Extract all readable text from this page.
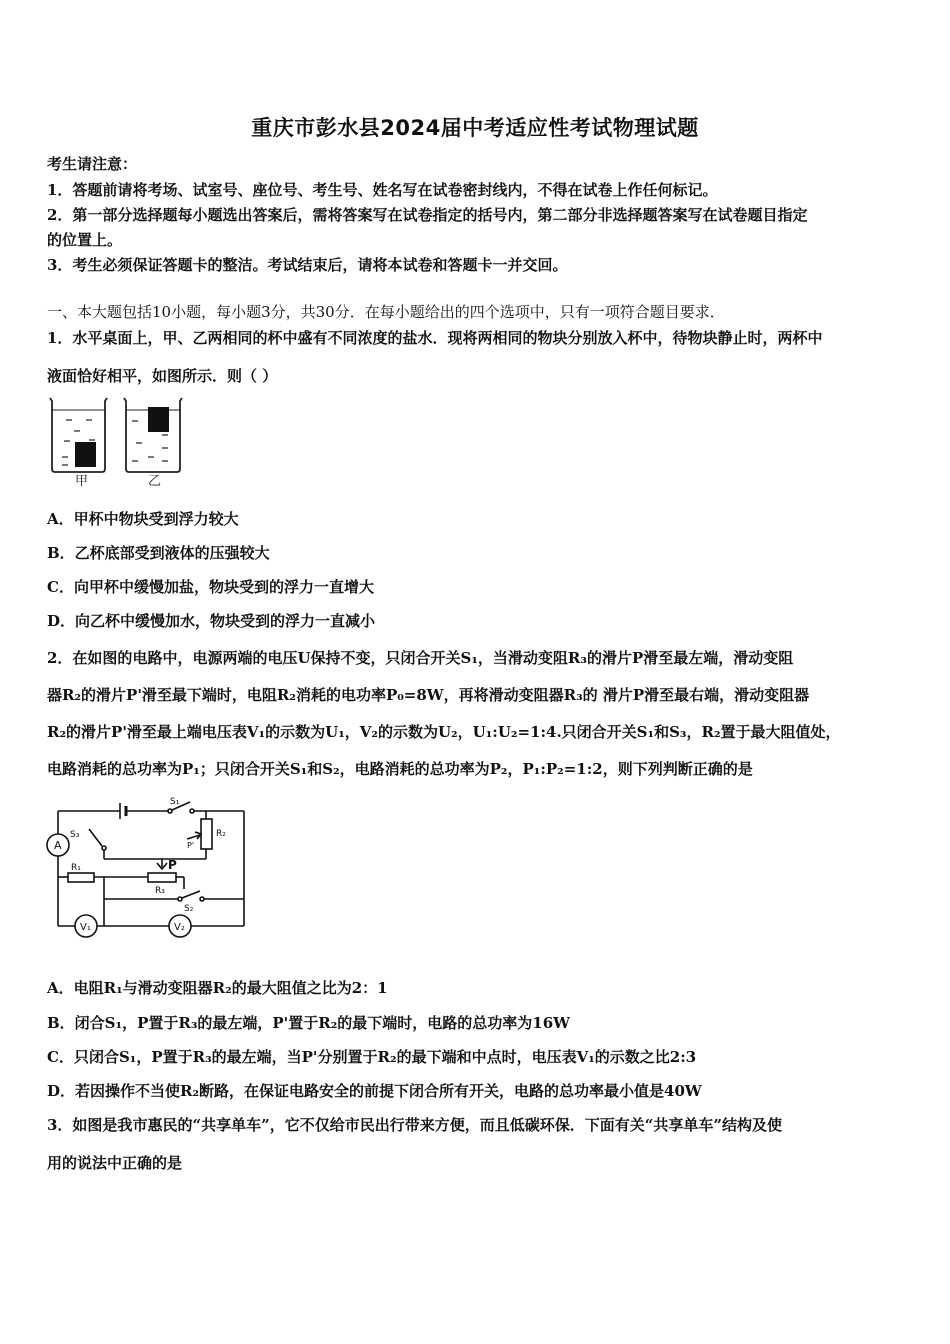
重庆市彭水县2024届中考适应性考试物理试题
考生请注意：
1．答题前请将考场、试室号、座位号、考生号、姓名写在试卷密封线内，不得在试卷上作任何标记。
2．第一部分选择题每小题选出答案后，需将答案写在试卷指定的括号内，第二部分非选择题答案写在试卷题目指定
的位置上。
3．考生必须保证答题卡的整洁。考试结束后，请将本试卷和答题卡一并交回。
一、本大题包括10小题，每小题3分，共30分．在每小题给出的四个选项中，只有一项符合题目要求．
1．水平桌面上，甲、乙两相同的杯中盛有不同浓度的盐水．现将两相同的物块分别放入杯中，待物块静止时，两杯中
液面恰好相平，如图所示．则（ ）
甲	乙
A．甲杯中物块受到浮力较大
B．乙杯底部受到液体的压强较大
C．向甲杯中缓慢加盐，物块受到的浮力一直增大
D．向乙杯中缓慢加水，物块受到的浮力一直减小
2．在如图的电路中，电源两端的电压U保持不变，只闭合开关S₁，当滑动变阻R₃的滑片P滑至最左端，滑动变阻
器R₂的滑片P'滑至最下端时，电阻R₂消耗的电功率P₀=8W，再将滑动变阻器R₃的 滑片P滑至最右端，滑动变阻器
R₂的滑片P'滑至最上端电压表V₁的示数为U₁，V₂的示数为U₂，U₁:U₂=1:4.只闭合开关S₁和S₃，R₂置于最大阻值处，
电路消耗的总功率为P₁；只闭合开关S₁和S₂，电路消耗的总功率为P₂，P₁:P₂=1:2，则下列判断正确的是
S₁
S₃	R₂
P'
R₁	P
R₃
S₂
A
V₁	V₂
A．电阻R₁与滑动变阻器R₂的最大阻值之比为2：1
B．闭合S₁，P置于R₃的最左端，P'置于R₂的最下端时，电路的总功率为16W
C．只闭合S₁，P置于R₃的最左端，当P'分别置于R₂的最下端和中点时，电压表V₁的示数之比2:3
D．若因操作不当使R₂断路，在保证电路安全的前提下闭合所有开关，电路的总功率最小值是40W
3．如图是我市惠民的“共享单车”，它不仅给市民出行带来方便，而且低碳环保．下面有关“共享单车”结构及使
用的说法中正确的是
